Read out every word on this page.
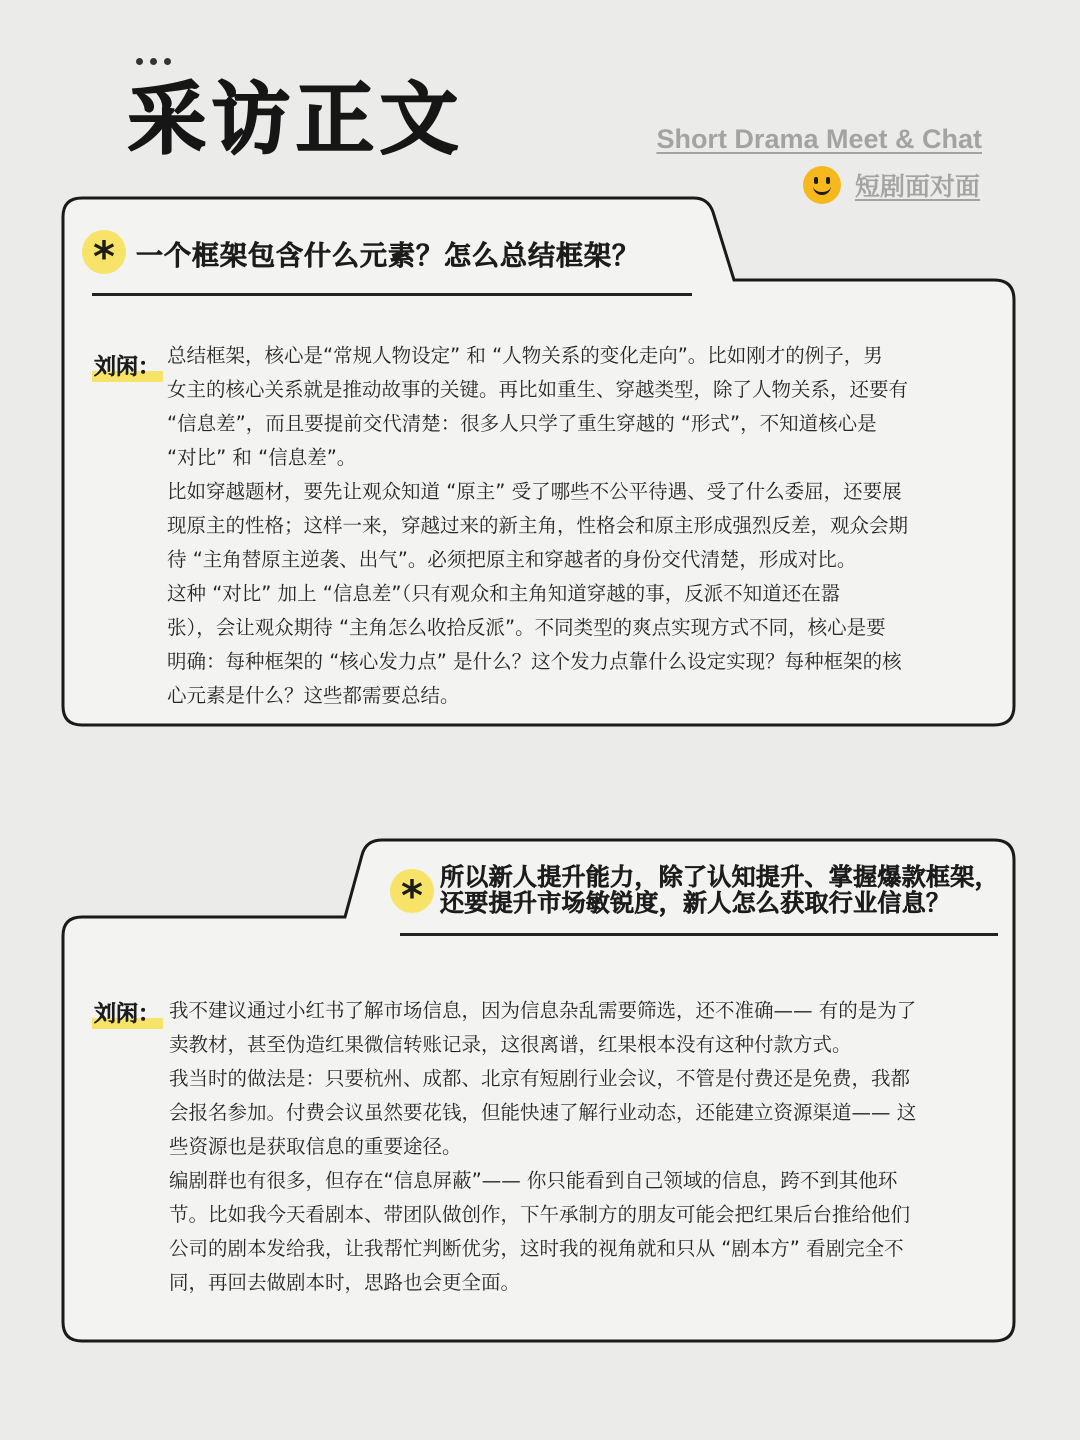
采访正文	Short Drama Meet & Chat
短剧面对面
* 一个框架包含什么元素？怎么总结框架？
刘闲： 总结框架，核心是“常规人物设定” 和 “人物关系的变化走向”。比如刚才的例子，男

女主的核心关系就是推动故事的关键。再比如重生、穿越类型，除了人物关系，还要有

“信息差”，而且要提前交代清楚：很多人只学了重生穿越的 “形式”，不知道核心是

“对比” 和 “信息差”。

比如穿越题材，要先让观众知道 “原主” 受了哪些不公平待遇、受了什么委屈，还要展

现原主的性格；这样一来，穿越过来的新主角，性格会和原主形成强烈反差，观众会期

待 “主角替原主逆袭、出气”。必须把原主和穿越者的身份交代清楚，形成对比。

这种 “对比” 加上 “信息差”（只有观众和主角知道穿越的事，反派不知道还在嚣

张），会让观众期待 “主角怎么收拾反派”。不同类型的爽点实现方式不同，核心是要

明确：每种框架的 “核心发力点” 是什么？这个发力点靠什么设定实现？每种框架的核

心元素是什么？这些都需要总结。

* 所以新人提升能力，除了认知提升、掌握爆款框架，
还要提升市场敏锐度，新人怎么获取行业信息？
刘闲： 我不建议通过小红书了解市场信息，因为信息杂乱需要筛选，还不准确—— 有的是为了

卖教材，甚至伪造红果微信转账记录，这很离谱，红果根本没有这种付款方式。

我当时的做法是：只要杭州、成都、北京有短剧行业会议，不管是付费还是免费，我都

会报名参加。付费会议虽然要花钱，但能快速了解行业动态，还能建立资源渠道—— 这

些资源也是获取信息的重要途径。

编剧群也有很多，但存在“信息屏蔽”—— 你只能看到自己领域的信息，跨不到其他环

节。比如我今天看剧本、带团队做创作，下午承制方的朋友可能会把红果后台推给他们

公司的剧本发给我，让我帮忙判断优劣，这时我的视角就和只从 “剧本方” 看剧完全不

同，再回去做剧本时，思路也会更全面。
